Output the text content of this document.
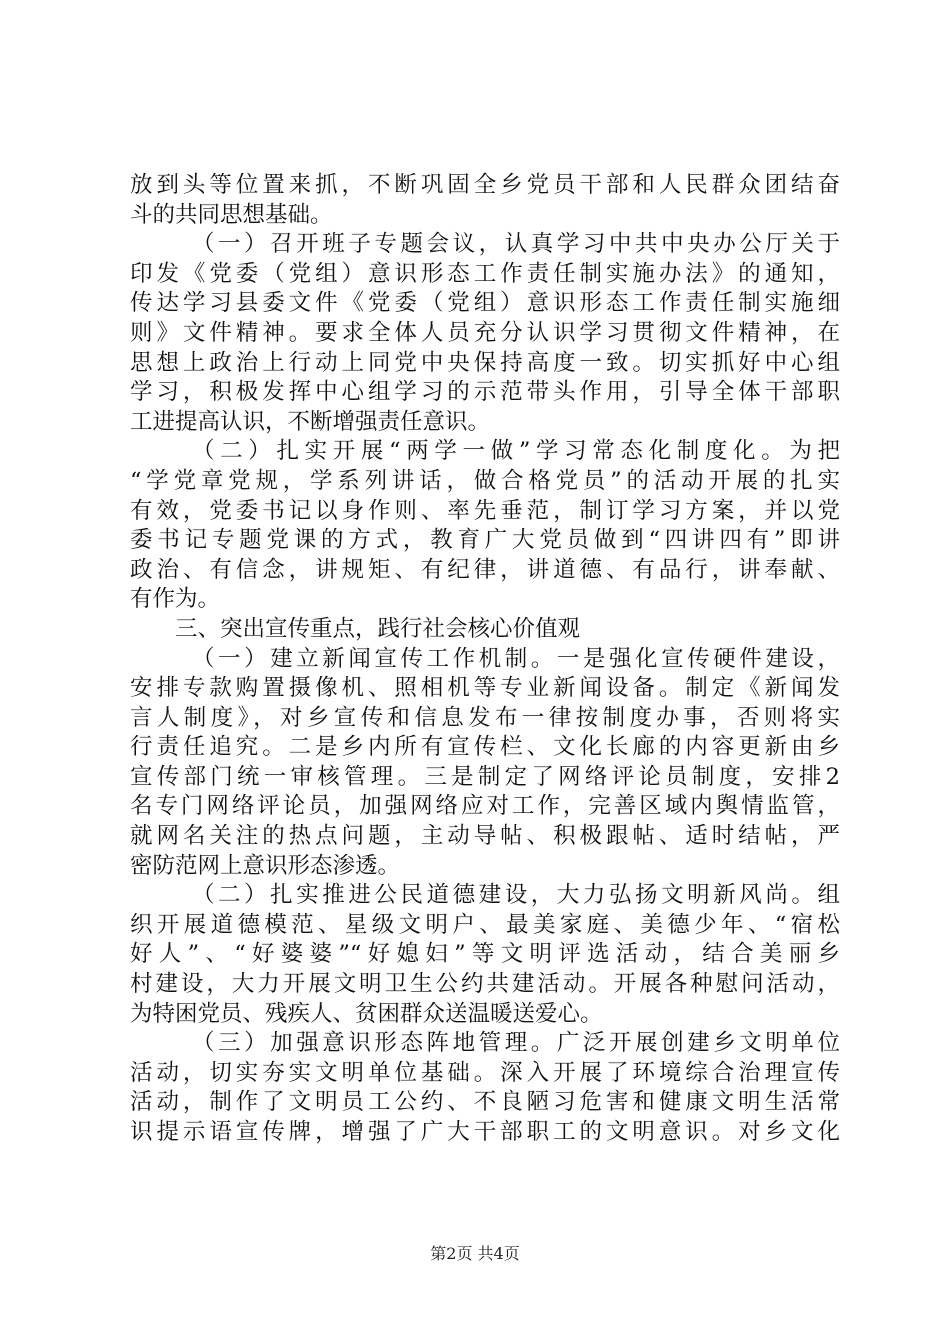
放到头等位置来抓，不断巩固全乡党员干部和人民群众团结奋
斗的共同思想基础。
（一）召开班子专题会议，认真学习中共中央办公厅关于
印发《党委（党组）意识形态工作责任制实施办法》的通知，
传达学习县委文件《党委（党组）意识形态工作责任制实施细
则》文件精神。要求全体人员充分认识学习贯彻文件精神，在
思想上政治上行动上同党中央保持高度一致。切实抓好中心组
学习，积极发挥中心组学习的示范带头作用，引导全体干部职
工进提高认识，不断增强责任意识。
（二）扎实开展“两学一做”学习常态化制度化。为把
“学党章党规，学系列讲话，做合格党员”的活动开展的扎实
有效，党委书记以身作则、率先垂范，制订学习方案，并以党
委书记专题党课的方式，教育广大党员做到“四讲四有”即讲
政治、有信念，讲规矩、有纪律，讲道德、有品行，讲奉献、
有作为。
三、突出宣传重点，践行社会核心价值观
（一）建立新闻宣传工作机制。一是强化宣传硬件建设，
安排专款购置摄像机、照相机等专业新闻设备。制定《新闻发
言人制度》，对乡宣传和信息发布一律按制度办事，否则将实
行责任追究。二是乡内所有宣传栏、文化长廊的内容更新由乡
宣传部门统一审核管理。三是制定了网络评论员制度，安排2
名专门网络评论员，加强网络应对工作，完善区域内舆情监管，
就网名关注的热点问题，主动导帖、积极跟帖、适时结帖，严
密防范网上意识形态渗透。
（二）扎实推进公民道德建设，大力弘扬文明新风尚。组
织开展道德模范、星级文明户、最美家庭、美德少年、“宿松
好人”、“好婆婆”“好媳妇”等文明评选活动，结合美丽乡
村建设，大力开展文明卫生公约共建活动。开展各种慰问活动，
为特困党员、残疾人、贫困群众送温暖送爱心。
（三）加强意识形态阵地管理。广泛开展创建乡文明单位
活动，切实夯实文明单位基础。深入开展了环境综合治理宣传
活动，制作了文明员工公约、不良陋习危害和健康文明生活常
识提示语宣传牌，增强了广大干部职工的文明意识。对乡文化
第2页 共4页
